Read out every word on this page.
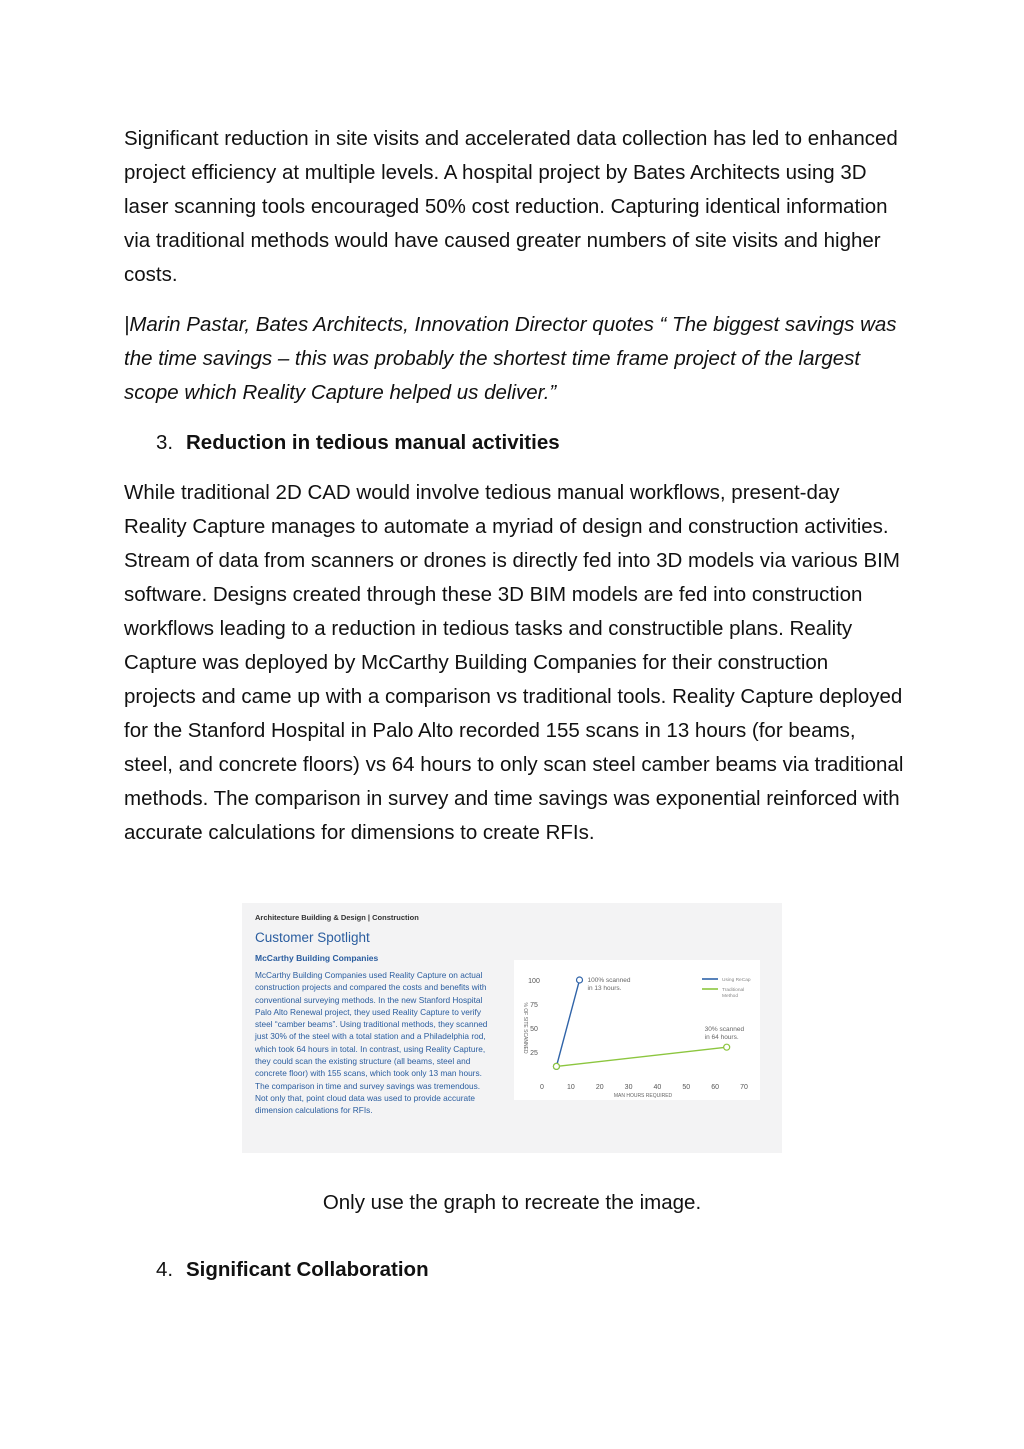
Significant reduction in site visits and accelerated data collection has led to enhanced project efficiency at multiple levels. A hospital project by Bates Architects using 3D laser scanning tools encouraged 50% cost reduction. Capturing identical information via traditional methods would have caused greater numbers of site visits and higher costs.

|Marin Pastar, Bates Architects, Innovation Director quotes “ The biggest savings was the time savings – this was probably the shortest time frame project of the largest scope which Reality Capture helped us deliver.”

3. Reduction in tedious manual activities

While traditional 2D CAD would involve tedious manual workflows, present-day Reality Capture manages to automate a myriad of design and construction activities. Stream of data from scanners or drones is directly fed into 3D models via various BIM software. Designs created through these 3D BIM models are fed into construction workflows leading to a reduction in tedious tasks and constructible plans. Reality Capture was deployed by McCarthy Building Companies for their construction projects and came up with a comparison vs traditional tools. Reality Capture deployed for the Stanford Hospital in Palo Alto recorded 155 scans in 13 hours (for beams, steel, and concrete floors) vs 64 hours to only scan steel camber beams via traditional methods. The comparison in survey and time savings was exponential reinforced with accurate calculations for dimensions to create RFIs.

Architecture Building & Design | Construction
Customer Spotlight
McCarthy Building Companies
McCarthy Building Companies used Reality Capture on actual construction projects and compared the costs and benefits with conventional surveying methods. In the new Stanford Hospital Palo Alto Renewal project, they used Reality Capture to verify steel “camber beams”. Using traditional methods, they scanned just 30% of the steel with a total station and a Philadelphia rod, which took 64 hours in total. In contrast, using Reality Capture, they could scan the existing structure (all beams, steel and concrete floor) with 155 scans, which took only 13 man hours. The comparison in time and survey savings was tremendous. Not only that, point cloud data was used to provide accurate dimension calculations for RFIs.
0	10	20	30	40	50	60	70
25
50
75
100
MAN HOURS REQUIRED
% OF SITE SCANNED
100% scanned
in 13 hours.
30% scanned
in 64 hours.
Using ReCap
Traditional
Method
Only use the graph to recreate the image.
4. Significant Collaboration
